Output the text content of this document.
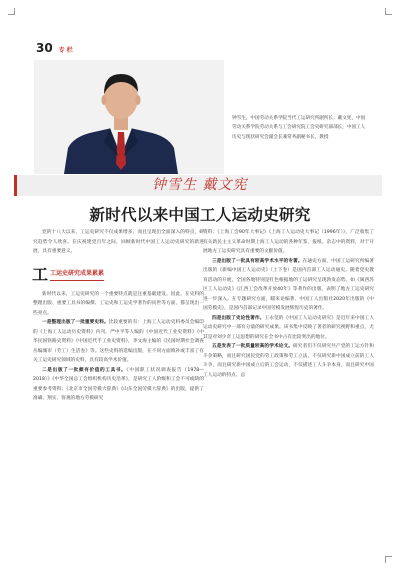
30 专 栏
钟雪生，中国劳动关系学院当代工运研究所副所长；戴文宪，中国劳动关系学院劳动关系与工会研究院工会史研究部部长，中国工人历史与现状研究会副会长兼常务副秘书长，教授
钟雪生 戴文宪
新时代以来中国工人运动史研究

党的十八大以来，工运史研究不仅成果增多，而且呈现出全面深入的特点，研究趋势令人欣喜。在庆祝建党百年之际，回顾新时代中国工人运动史研究的新进展，具有重要意义。

工 工运史研究成果累累

新时代以来，工运史研究的一个重要特点就是注重基础建设。因此，在史料的整理出版、重要工具书的编撰、工运史和工运史学著作的问世等方面，都呈现出一些亮点。

一是整理出版了一批重要史料。比较重要的有：上海工人运动史料委员会编印的《上海工人运动历史资料》内刊，严中平等人编的《中国近代工业史资料》《中华民国铁路史资料》《中国近代手工业史资料》，李文海主编的《民国时期社会调查丛编城市（劳工）生活卷》等。这些史料的选编出版，在不同方面填补或丰富了有关工运史研究领域的史料，具有较高学术价值。

二是出版了一批颇有价值的工具书。《中国职工状况调查报告（1978—2018）》《中华全国总工会组织机构历史沿革》，是研究工人阶级和工会不可或缺的重要参考资料；《北京市全国劳模大辞典》《山东全国劳模大辞典》的出版，提供了准确、翔实、客观的地方劳模研究

资料；《上海工会90年大事记》《上海工人运动史大事记（1996年）》，广泛收集了有关新民主主义革命时期上海工人运动的各种年鉴、报纸、杂志中的资料，对于开展地方工运史研究具有重要的文献价值。

三是出版了一批具有较高学术水平的专著。在通史方面，中国工运研究所编著出版的《新编中国工人运动史》（上下卷）是国内首部工人运动通史。随着党史教育活动的开展，全国各地特别是红色根据地的工运研究呈现勃发态势。如《闽西苏区工人运动史》《江西工会改革开放40年》等著作的出版，表明了地方工运史研究进一步深入。在专题研究方面，瞄来论编著、中国工人出版社2020年出版的《中国劳模史》，是国内首部记录中国劳模发展辉煌历史的著作。

四是出版了史论性著作。王永玺的《中国工人运动史研究》是近年来中国工人运动史研究中一部有分量的研究成果。该书集中反映了著者的研究视野和重点，尤其是对刘少奇工运思想的研究在全书中占有比较突出的地位。

五是发表了一批质量较高的学术论文。研究者们不仅研究共产党的工运方针和斗争策略，而且研究国民党的劳工政策和劳工立法，不仅研究新中国成立前的工人斗争，而且研究新中国成立后的工会运动，不仅描述工人斗争本身，而且研究中国工人运动的特点、总
